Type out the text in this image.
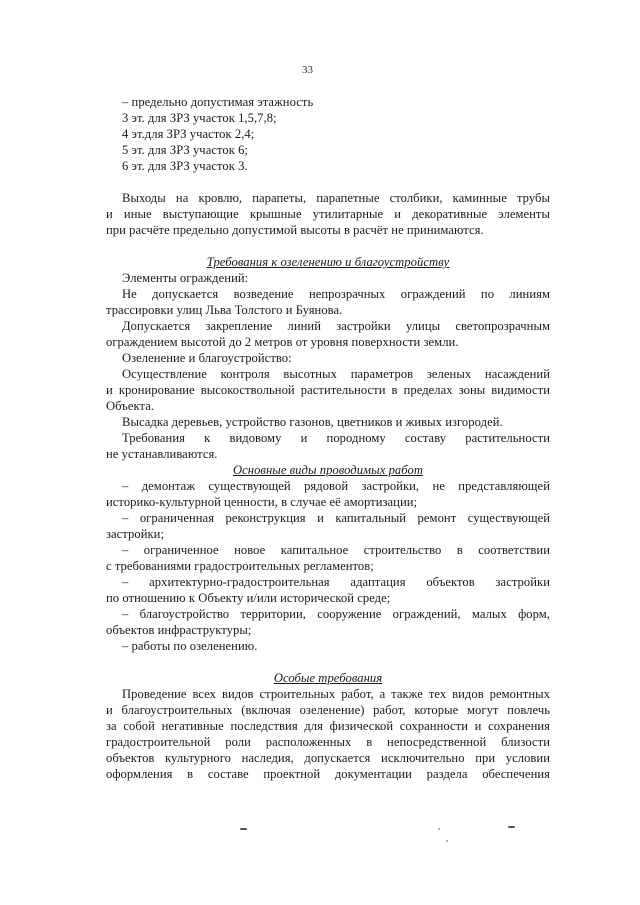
33
– предельно допустимая этажность
3 эт. для ЗРЗ участок 1,5,7,8;
4 эт.для ЗРЗ участок 2,4;
5 эт. для ЗРЗ участок 6;
6 эт. для ЗРЗ участок 3.
Выходы на кровлю, парапеты, парапетные столбики, каминные трубы
и иные выступающие крышные утилитарные и декоративные элементы
при расчёте предельно допустимой высоты в расчёт не принимаются.
Требования к озеленению и благоустройству
Элементы ограждений:
Не допускается возведение непрозрачных ограждений по линиям
трассировки улиц Льва Толстого и Буянова.
Допускается закрепление линий застройки улицы светопрозрачным
ограждением высотой до 2 метров от уровня поверхности земли.
Озеленение и благоустройство:
Осуществление контроля высотных параметров зеленых насаждений
и кронирование высокоствольной растительности в пределах зоны видимости
Объекта.
Высадка деревьев, устройство газонов, цветников и живых изгородей.
Требования к видовому и породному составу растительности
не устанавливаются.
Основные виды проводимых работ
– демонтаж существующей рядовой застройки, не представляющей
историко-культурной ценности, в случае её амортизации;
– ограниченная реконструкция и капитальный ремонт существующей
застройки;
– ограниченное новое капитальное строительство в соответствии
с требованиями градостроительных регламентов;
– архитектурно-градостроительная адаптация объектов застройки
по отношению к Объекту и/или исторической среде;
– благоустройство территории, сооружение ограждений, малых форм,
объектов инфраструктуры;
– работы по озеленению.
Особые требования
Проведение всех видов строительных работ, а также тех видов ремонтных
и благоустроительных (включая озеленение) работ, которые могут повлечь
за собой негативные последствия для физической сохранности и сохранения
градостроительной роли расположенных в непосредственной близости
объектов культурного наследия, допускается исключительно при условии
оформления в составе проектной документации раздела обеспечения
